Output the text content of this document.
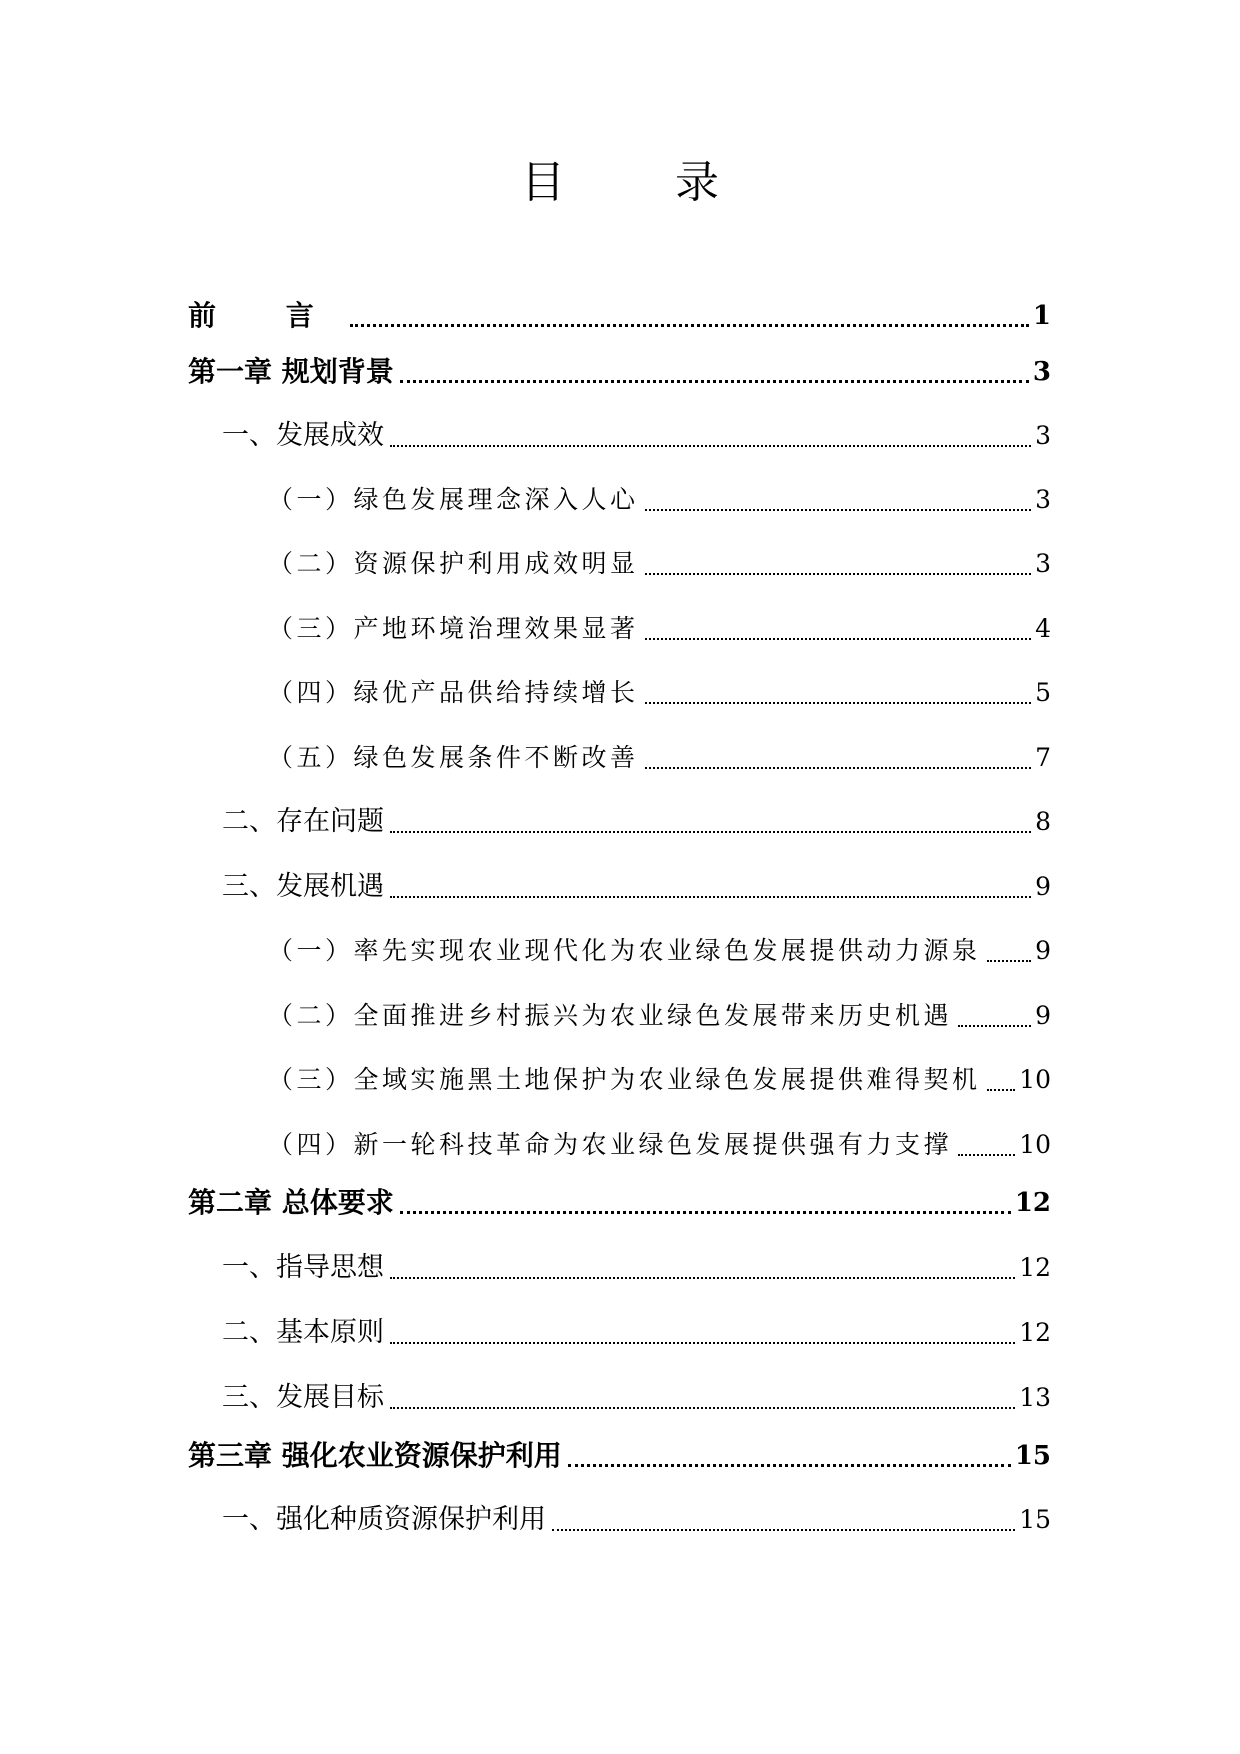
目 录
前 言	1
第一章 规划背景	3
一、发展成效	3
（一）绿色发展理念深入人心	3
（二）资源保护利用成效明显	3
（三）产地环境治理效果显著	4
（四）绿优产品供给持续增长	5
（五）绿色发展条件不断改善	7
二、存在问题	8
三、发展机遇	9
（一）率先实现农业现代化为农业绿色发展提供动力源泉 9
（二）全面推进乡村振兴为农业绿色发展带来历史机遇	9
（三）全域实施黑土地保护为农业绿色发展提供难得契机 10
（四）新一轮科技革命为农业绿色发展提供强有力支撑	10
第二章 总体要求	12
一、指导思想	12
二、基本原则	12
三、发展目标	13
第三章 强化农业资源保护利用	15
一、强化种质资源保护利用	15
